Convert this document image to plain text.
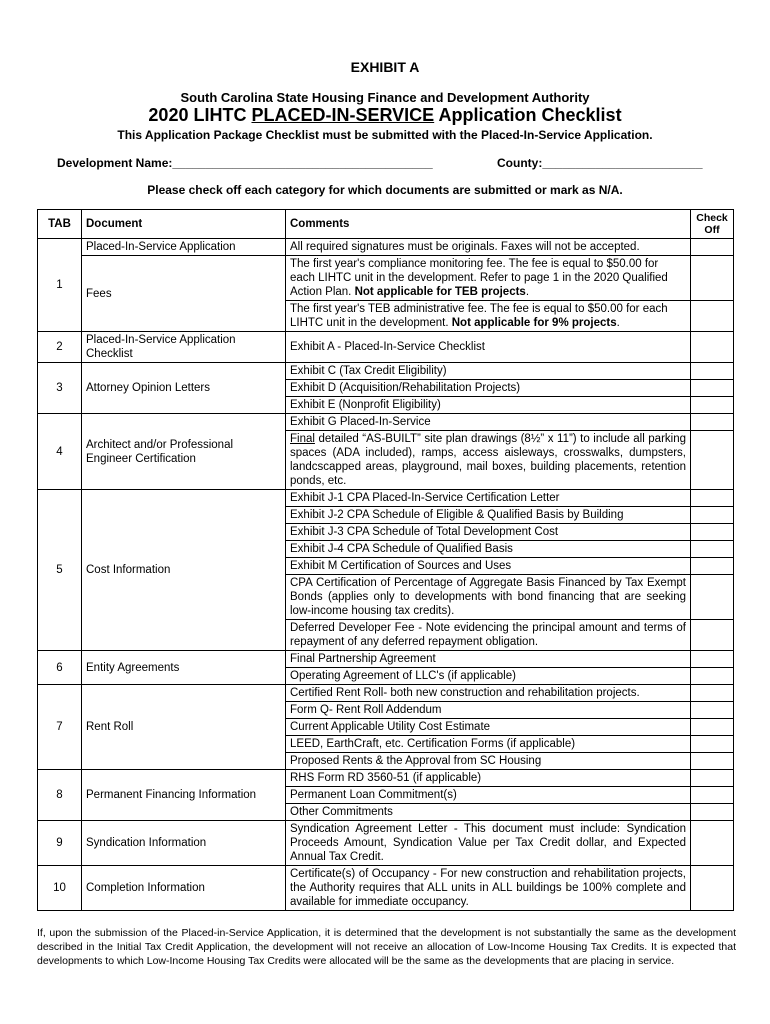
EXHIBIT A
South Carolina State Housing Finance and Development Authority
2020 LIHTC PLACED-IN-SERVICE Application Checklist
This Application Package Checklist must be submitted with the Placed-In-Service Application.
Development Name:_______________________________________	County:________________________
Please check off each category for which documents are submitted or mark as N/A.
TAB	Document	Comments	Check Off
1	Placed-In-Service Application	All required signatures must be originals. Faxes will not be accepted.	
	Fees	The first year's compliance monitoring fee. The fee is equal to $50.00 for each LIHTC unit in the development. Refer to page 1 in the 2020 Qualified Action Plan. Not applicable for TEB projects.	
		The first year's TEB administrative fee. The fee is equal to $50.00 for each LIHTC unit in the development. Not applicable for 9% projects.	
2	Placed-In-Service Application Checklist	Exhibit A - Placed-In-Service Checklist	
3	Attorney Opinion Letters	Exhibit C (Tax Credit Eligibility)	
		Exhibit D (Acquisition/Rehabilitation Projects)	
		Exhibit E (Nonprofit Eligibility)	
4	Architect and/or Professional Engineer Certification	Exhibit G Placed-In-Service	
		Final detailed “AS-BUILT” site plan drawings (8½” x 11”) to include all parking spaces (ADA included), ramps, access aisleways, crosswalks, dumpsters, landcscapped areas, playground, mail boxes, building placements, retention ponds, etc.	
5	Cost Information	Exhibit J-1 CPA Placed-In-Service Certification Letter	
		Exhibit J-2 CPA Schedule of Eligible & Qualified Basis by Building	
		Exhibit J-3 CPA Schedule of Total Development Cost	
		Exhibit J-4 CPA Schedule of Qualified Basis	
		Exhibit M Certification of Sources and Uses	
		CPA Certification of Percentage of Aggregate Basis Financed by Tax Exempt Bonds (applies only to developments with bond financing that are seeking low-income housing tax credits).	
		Deferred Developer Fee - Note evidencing the principal amount and terms of repayment of any deferred repayment obligation.	
6	Entity Agreements	Final Partnership Agreement	
		Operating Agreement of LLC's (if applicable)	
7	Rent Roll	Certified Rent Roll- both new construction and rehabilitation projects.	
		Form Q- Rent Roll Addendum	
		Current Applicable Utility Cost Estimate	
		LEED, EarthCraft, etc. Certification Forms (if applicable)	
		Proposed Rents & the Approval from SC Housing	
8	Permanent Financing Information	RHS Form RD 3560-51 (if applicable)	
		Permanent Loan Commitment(s)	
		Other Commitments	
9	Syndication Information	Syndication Agreement Letter - This document must include: Syndication Proceeds Amount, Syndication Value per Tax Credit dollar, and Expected Annual Tax Credit.	
10	Completion Information	Certificate(s) of Occupancy - For new construction and rehabilitation projects, the Authority requires that ALL units in ALL buildings be 100% complete and available for immediate occupancy.	
If, upon the submission of the Placed-in-Service Application, it is determined that the development is not substantially the same as the development described in the Initial Tax Credit Application, the development will not receive an allocation of Low-Income Housing Tax Credits. It is expected that developments to which Low-Income Housing Tax Credits were allocated will be the same as the developments that are placing in service.
